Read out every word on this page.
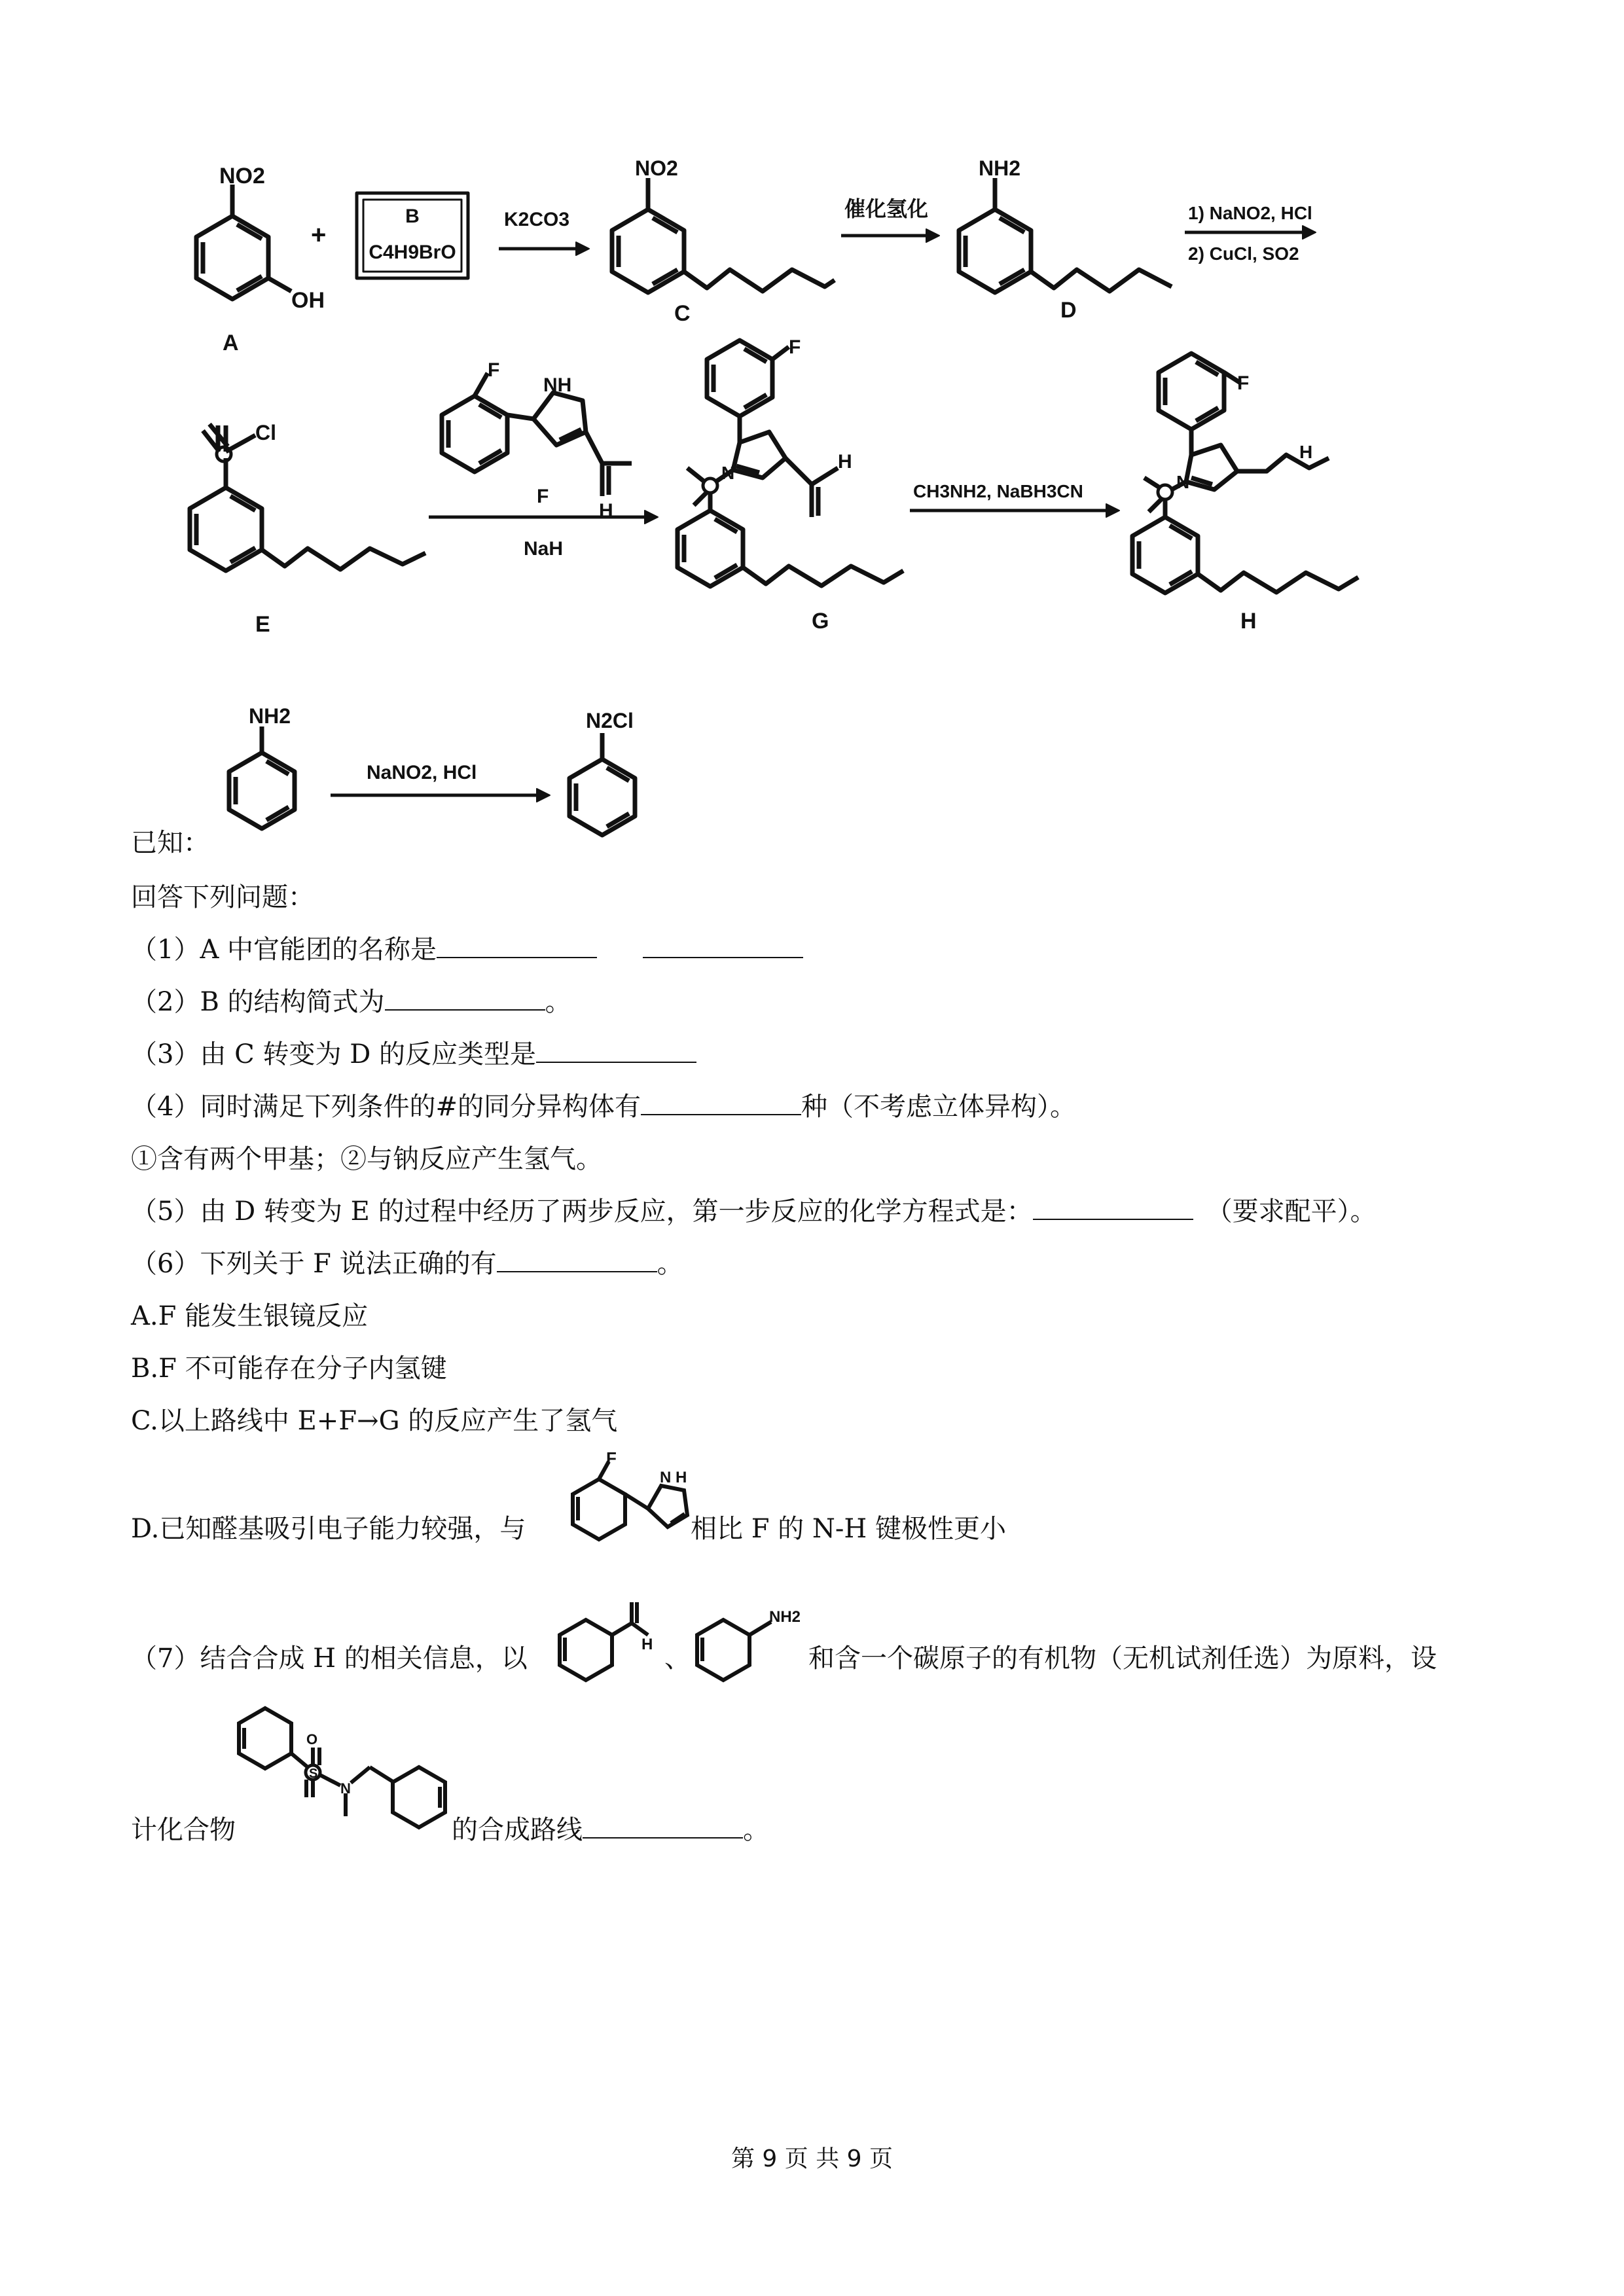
NO2
OH
A
+
B
C4H9BrO
K2CO3
NO2
C
催化氢化
NH2
D
1) NaNO2, HCl
2) CuCl, SO2
Cl
E
F
NH
H
F
NaH
F
N
H
G
CH3NH2, NaBH3CN
F
N
H
H
NH2
NaNO2, HCl
N2Cl
已知：
回答下列问题：
（1）A 中官能团的名称是
（2）B 的结构简式为	。
（3）由 C 转变为 D 的反应类型是
（4）同时满足下列条件的#的同分异构体有	种（不考虑立体异构）。
①含有两个甲基；②与钠反应产生氢气。
（5）由 D 转变为 E 的过程中经历了两步反应，第一步反应的化学方程式是：	（要求配平）。
（6）下列关于 F 说法正确的有	。
A.F 能发生银镜反应
B.F 不可能存在分子内氢键
C.以上路线中 E+F→G 的反应产生了氢气
D.已知醛基吸引电子能力较强，与
F
N H
相比 F 的 N-H 键极性更小
（7）结合合成 H 的相关信息，以	H 、
NH2
和含一个碳原子的有机物（无机试剂任选）为原料，设
计化合物
O
S
N
的合成路线	。
第 9 页 共 9 页
